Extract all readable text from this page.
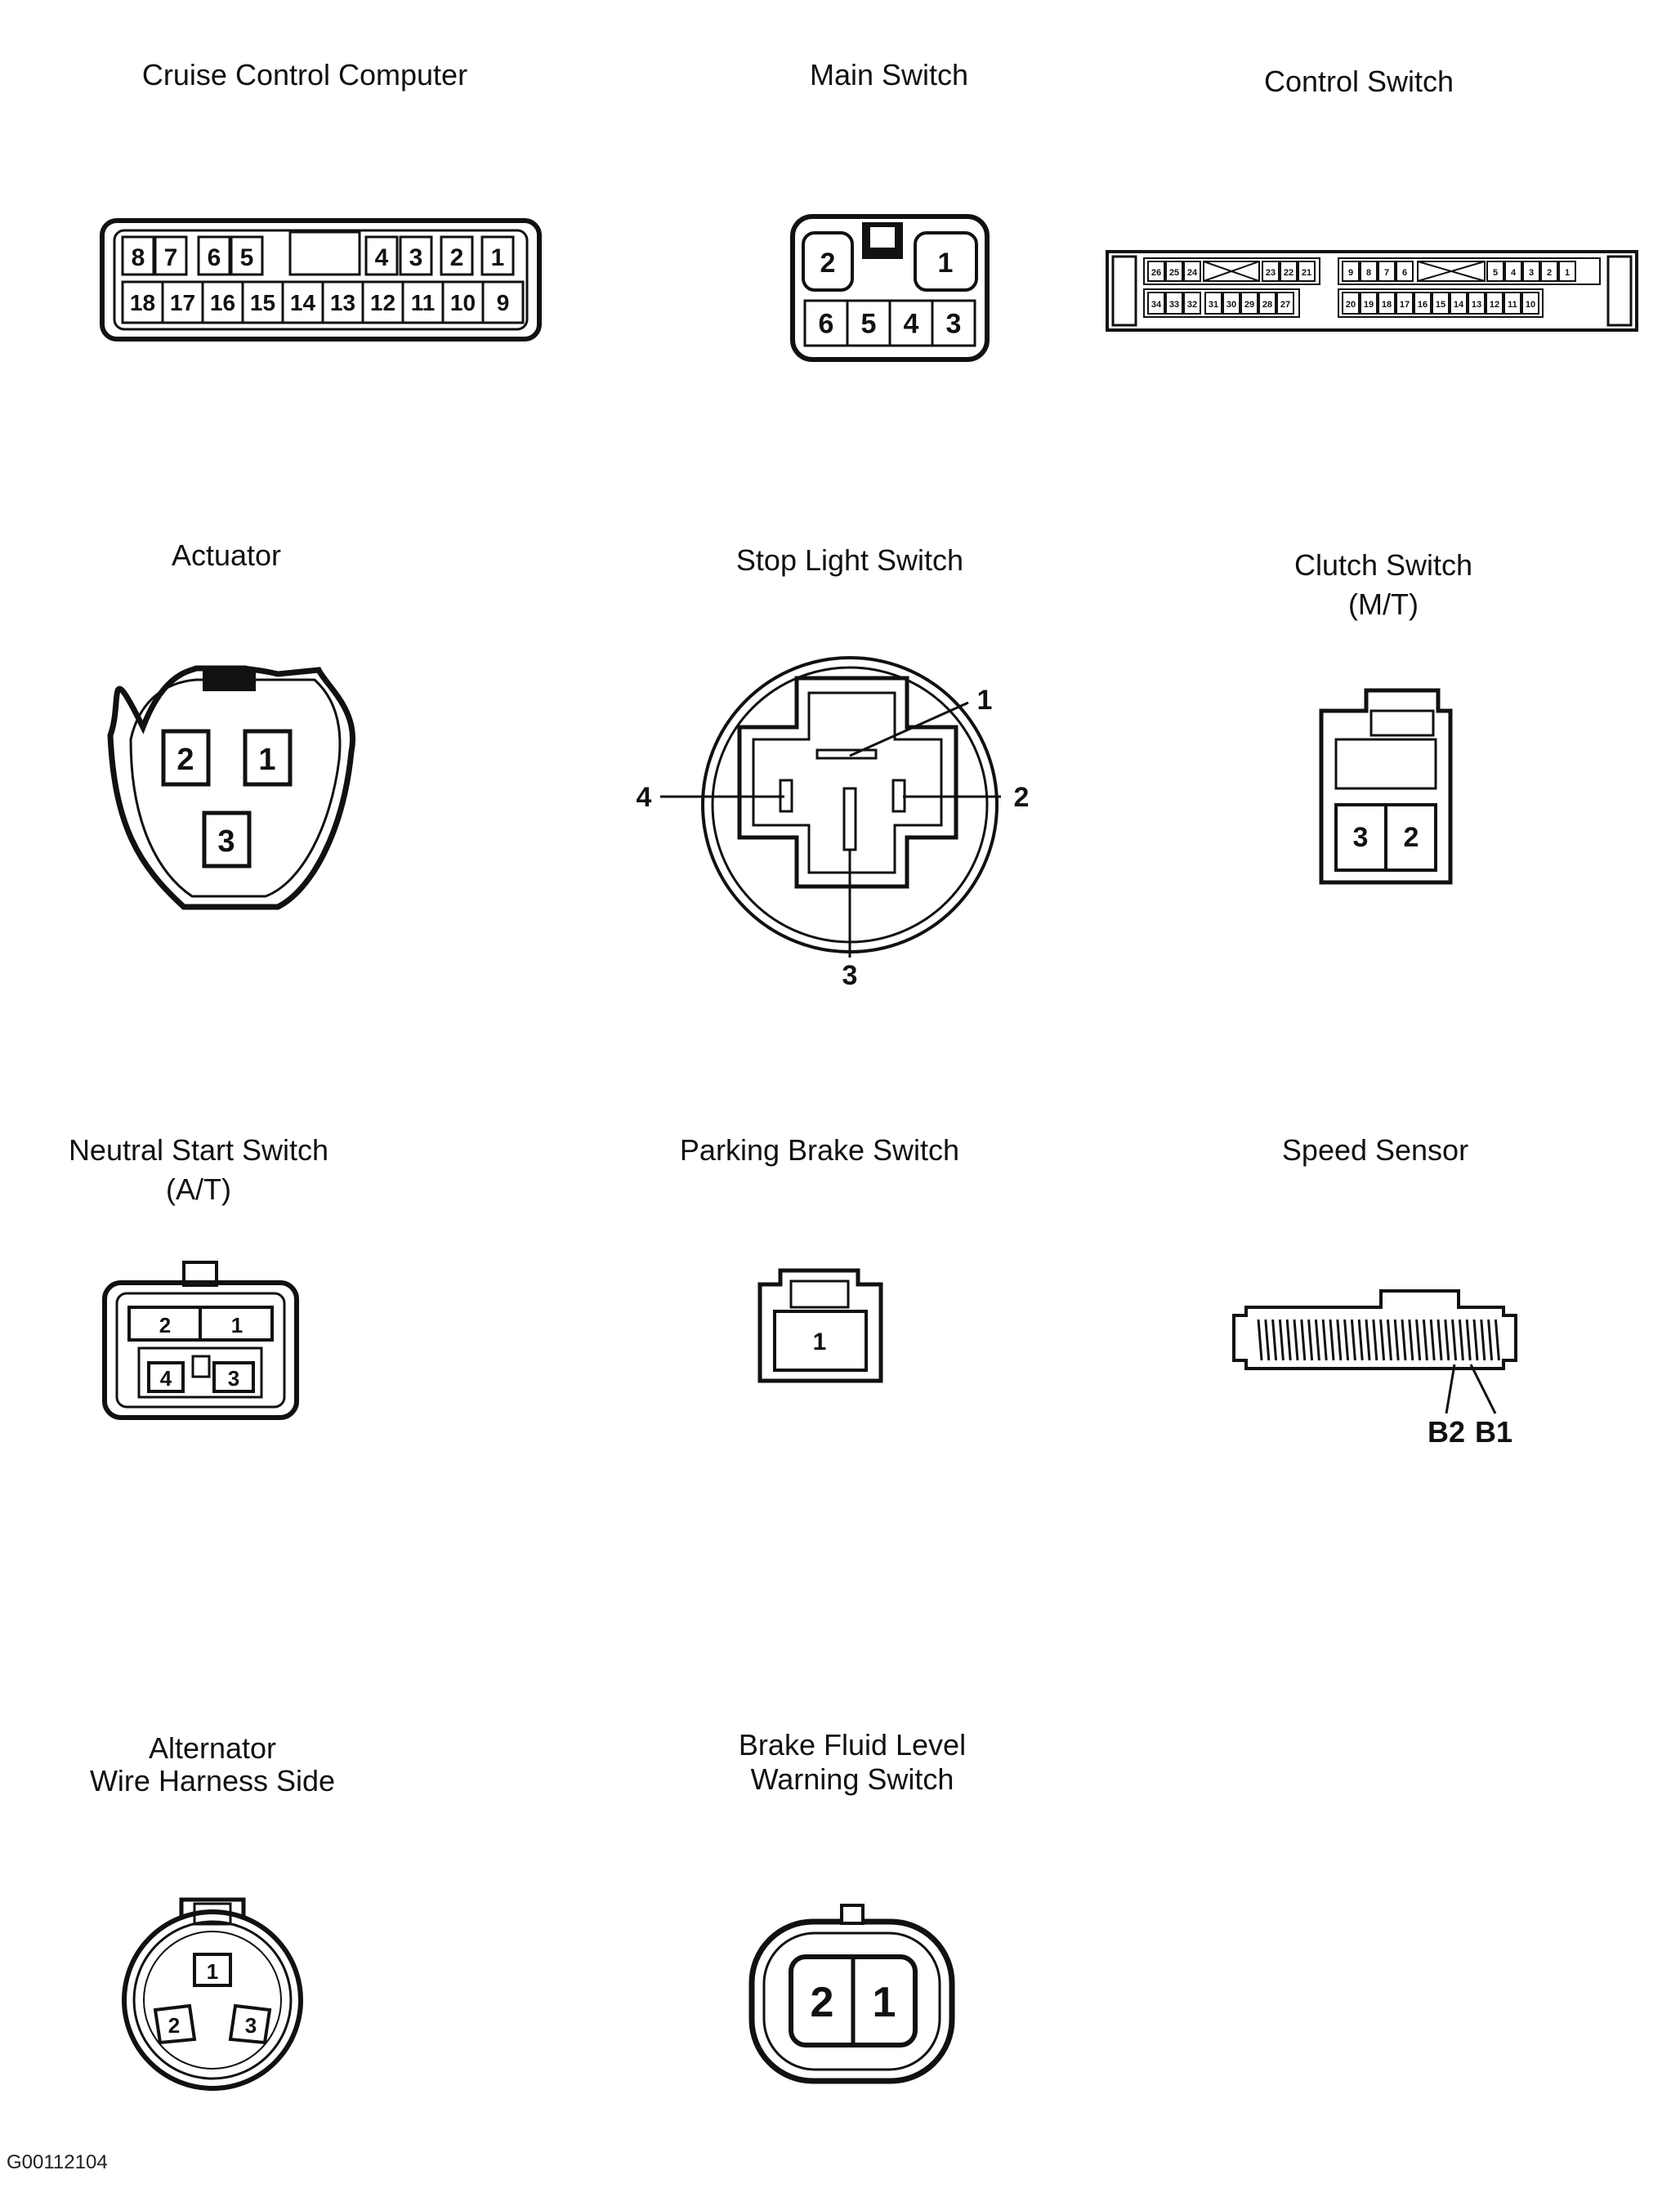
Cruise Control Computer
8 7 6 5	4 3 2 1
18 17 16 15 14 13 12 11 10 9
Main Switch
2	1
6 5 4 3
Control Switch
26 25 24	23 22 21	9 8 7 6	5 4 3 2 1
34 33 32 31 30 29 28 27	20 19 18 17 16 15 14 13 12 11 10
Actuator
2 1
3
Stop Light Switch
1
2
3
4
Clutch Switch
(M/T)
3 2
Neutral Start Switch
(A/T)
2	1
4	3
Parking Brake Switch
1
Speed Sensor
B2 B1
Alternator
Wire Harness Side
1
2	3
Brake Fluid Level
Warning Switch
2 1
G00112104
